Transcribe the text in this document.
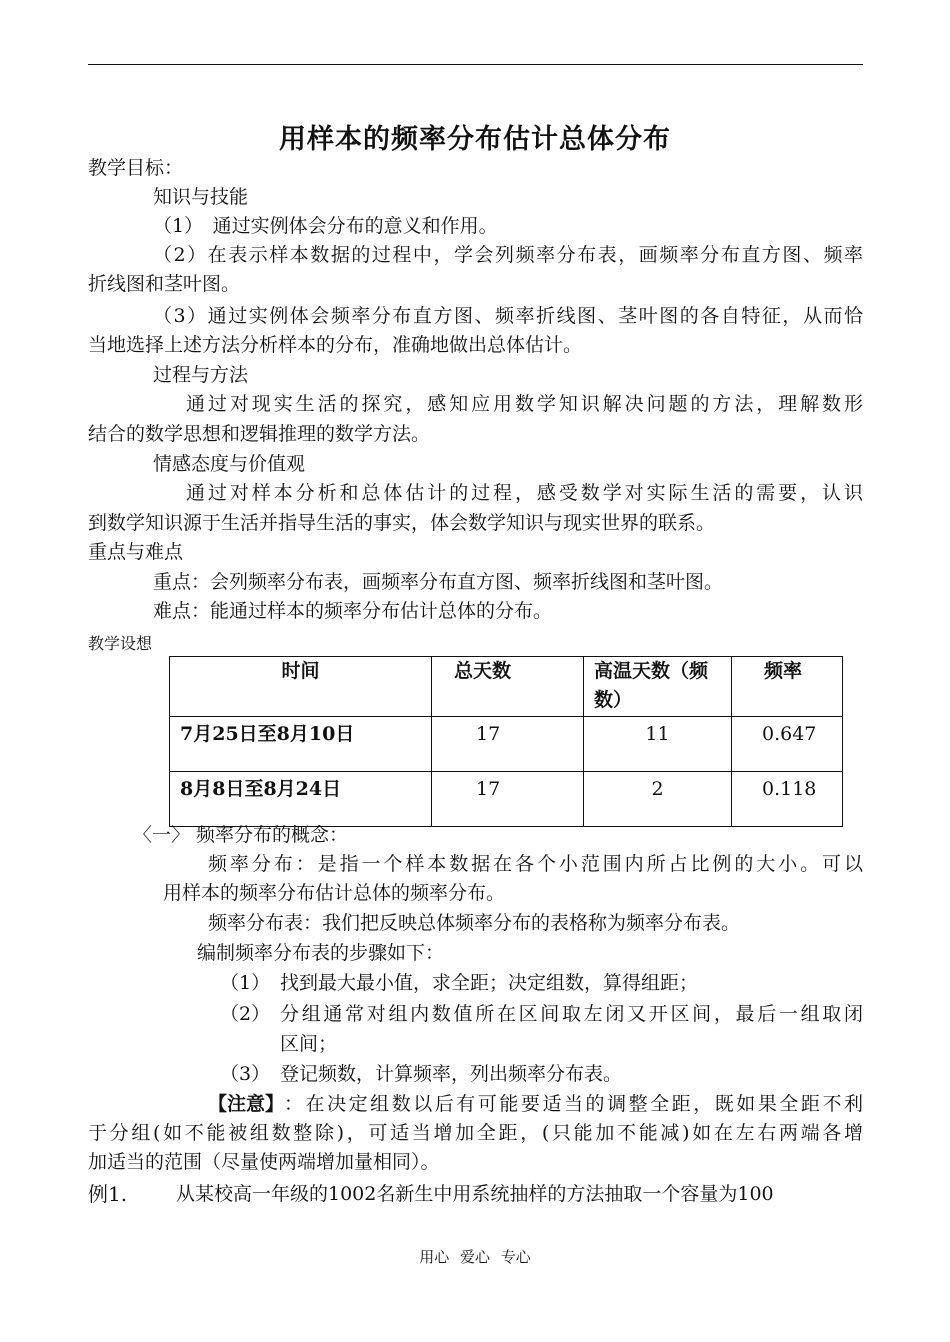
用样本的频率分布估计总体分布
教学目标：
知识与技能
（1）　通过实例体会分布的意义和作用。
（2）在表示样本数据的过程中，学会列频率分布表，画频率分布直方图、频率
折线图和茎叶图。
（3）通过实例体会频率分布直方图、频率折线图、茎叶图的各自特征，从而恰
当地选择上述方法分析样本的分布，准确地做出总体估计。
过程与方法
通过对现实生活的探究，感知应用数学知识解决问题的方法，理解数形
结合的数学思想和逻辑推理的数学方法。
情感态度与价值观
通过对样本分析和总体估计的过程，感受数学对实际生活的需要，认识
到数学知识源于生活并指导生活的事实，体会数学知识与现实世界的联系。
重点与难点
重点：会列频率分布表，画频率分布直方图、频率折线图和茎叶图。
难点：能通过样本的频率分布估计总体的分布。
教学设想
时间	总天数	高温天数（频
数）	频率
7月25日至8月10日	17	11	0.647
8月8日至8月24日	17	2	0.118
〈一〉 频率分布的概念：
频率分布：是指一个样本数据在各个小范围内所占比例的大小。可以
用样本的频率分布估计总体的频率分布。
频率分布表：我们把反映总体频率分布的表格称为频率分布表。
编制频率分布表的步骤如下：
（1） 找到最大最小值，求全距；决定组数，算得组距；
（2） 分组通常对组内数值所在区间取左闭又开区间，最后一组取闭
区间；
（3） 登记频数，计算频率，列出频率分布表。
【注意】 ：在决定组数以后有可能要适当的调整全距，既如果全距不利
于分组(如不能被组数整除)，可适当增加全距，(只能加不能减)如在左右两端各增
加适当的范围（尽量使两端增加量相同）。
例1.	从某校高一年级的1002名新生中用系统抽样的方法抽取一个容量为100
用心 爱心 专心
